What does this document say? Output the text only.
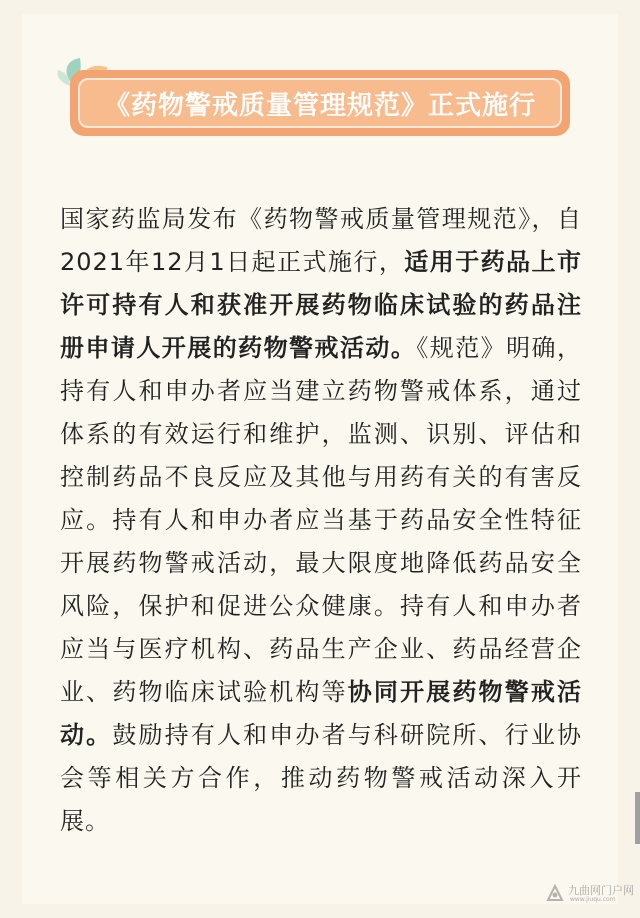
《药物警戒质量管理规范》正式施行
国家药监局发布《药物警戒质量管理规范》，自2021年12月1日起正式施行，适用于药品上市许可持有人和获准开展药物临床试验的药品注册申请人开展的药物警戒活动。《规范》明确，持有人和申办者应当建立药物警戒体系，通过体系的有效运行和维护，监测、识别、评估和控制药品不良反应及其他与用药有关的有害反应。持有人和申办者应当基于药品安全性特征开展药物警戒活动，最大限度地降低药品安全风险，保护和促进公众健康。持有人和申办者应当与医疗机构、药品生产企业、药品经营企业、药物临床试验机构等协同开展药物警戒活动。鼓励持有人和申办者与科研院所、行业协会等相关方合作，推动药物警戒活动深入开展。
九曲网门户网
www.jiuqu.com
